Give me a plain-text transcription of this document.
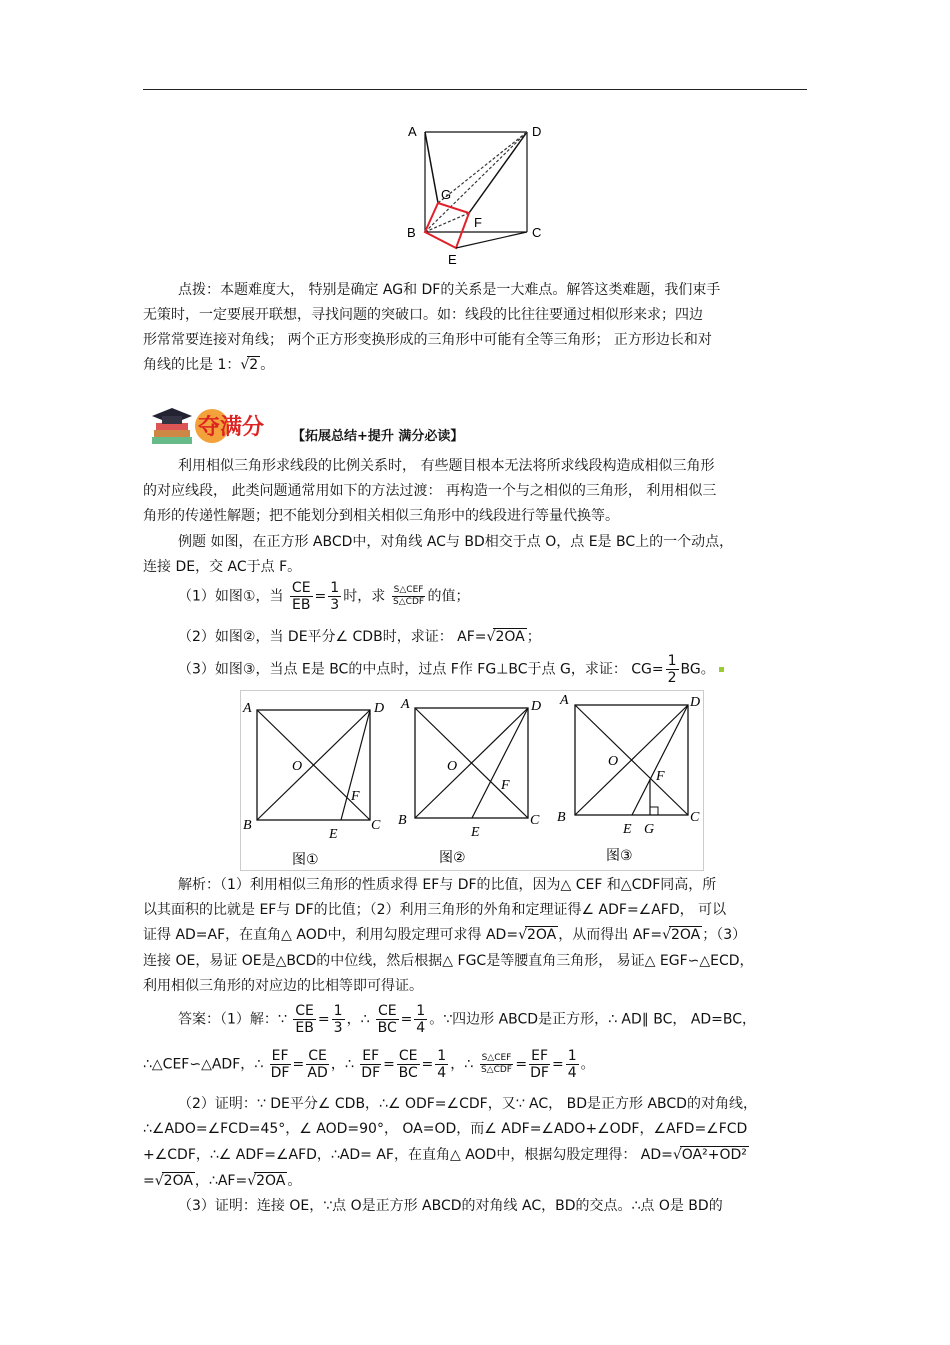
A	D
G
F
B	C
E
点拨：本题难度大， 特别是确定 AG和 DF的关系是一大难点。解答这类难题，我们束手
无策时，一定要展开联想，寻找问题的突破口。如：线段的比往往要通过相似形来求；四边
形常常要连接对角线； 两个正方形变换形成的三角形中可能有全等三角形； 正方形边长和对
角线的比是 1：√2 。
夺满分 【拓展总结+提升 满分必读】
利用相似三角形求线段的比例关系时， 有些题目根本无法将所求线段构造成相似三角形
的对应线段， 此类问题通常用如下的方法过渡： 再构造一个与之相似的三角形， 利用相似三
角形的传递性解题；把不能划分到相关相似三角形中的线段进行等量代换等。
例题 如图，在正方形 ABCD中，对角线 AC与 BD相交于点 O，点 E是 BC上的一个动点，
连接 DE，交 AC于点 F。
（1）如图①，当 $\frac{CE}{EB} = \frac{1}{3}$ 时，求 S△CEF
S△CDF 的值；
（2）如图②，当 DE平分∠ CDB时，求证： AF=√2OA ；
（3）如图③，当点 E是 BC的中点时，过点 F作 FG⊥BC于点 G，求证： $CG= \frac{1}{2}$ BG。
A	D
O
F
B
E
C
图①
A	D
O
F
B
E
C
图②
A	D
O
F
B
E G
C
图③
解析：（1）利用相似三角形的性质求得 EF与 DF的比值，因为△ CEF 和△CDF同高，所
以其面积的比就是 EF与 DF的比值；（2）利用三角形的外角和定理证得∠ ADF=∠AFD， 可以
证得 AD=AF，在直角△ AOD中，利用勾股定理可求得 AD=√2OA ，从而得出 AF=√2OA ；（3）
连接 OE，易证 OE是△BCD的中位线，然后根据△ FGC是等腰直角三角形， 易证△ EGF∽△ECD，
利用相似三角形的对应边的比相等即可得证。
答案：（1）解：∵ $\frac{CE}{EB} = \frac{1}{3}$ ，∴ $\frac{CE}{BC} = \frac{1}{4}$ 。∵四边形 ABCD是正方形，∴ AD∥ BC， AD=BC，
∴△CEF∽△ADF，∴ $\frac{EF}{DF} = \frac{CE}{AD}$ ，∴ $\frac{EF}{DF} = \frac{CE}{BC} = \frac{1}{4}$ ，∴ S△CEF
S△CDF = $\frac{EF}{DF} = \frac{1}{4}$ 。
（2）证明：∵ DE平分∠ CDB，∴∠ ODF=∠CDF，又∵ AC， BD是正方形 ABCD的对角线，
∴∠ADO=∠FCD=45°，∠ AOD=90°， OA=OD，而∠ ADF=∠ADO+∠ODF，∠AFD=∠FCD
+∠CDF，∴∠ ADF=∠AFD，∴AD= AF，在直角△ AOD中，根据勾股定理得： AD=√OA²+OD²
=√2OA ，∴AF=√2OA 。
（3）证明：连接 OE，∵点 O是正方形 ABCD的对角线 AC，BD的交点。∴点 O是 BD的
